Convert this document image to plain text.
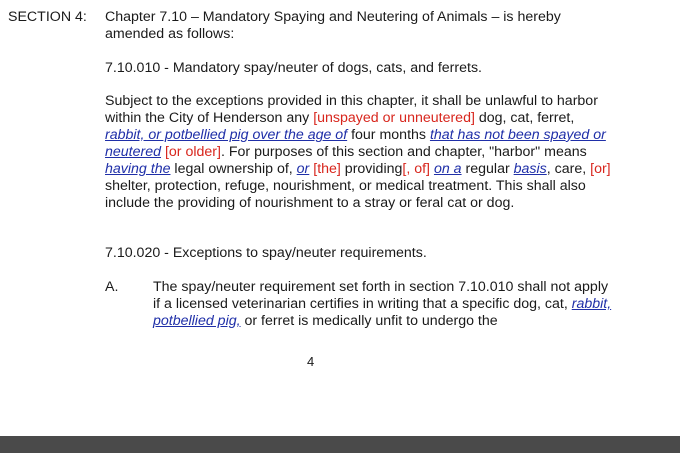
SECTION 4: Chapter 7.10 – Mandatory Spaying and Neutering of Animals – is hereby
amended as follows:
7.10.010 - Mandatory spay/neuter of dogs, cats, and ferrets.
Subject to the exceptions provided in this chapter, it shall be unlawful to harbor within the City of Henderson any [unspayed or unneutered] dog, cat, ferret, rabbit, or potbellied pig over the age of four months that has not been spayed or neutered [or older]. For purposes of this section and chapter, "harbor" means having the legal ownership of, or [the] providing[, of] on a regular basis, care, [or] shelter, protection, refuge, nourishment, or medical treatment. This shall also include the providing of nourishment to a stray or feral cat or dog.
7.10.020 - Exceptions to spay/neuter requirements.
A. The spay/neuter requirement set forth in section 7.10.010 shall not apply if a licensed veterinarian certifies in writing that a specific dog, cat, rabbit, potbellied pig, or ferret is medically unfit to undergo the
4
